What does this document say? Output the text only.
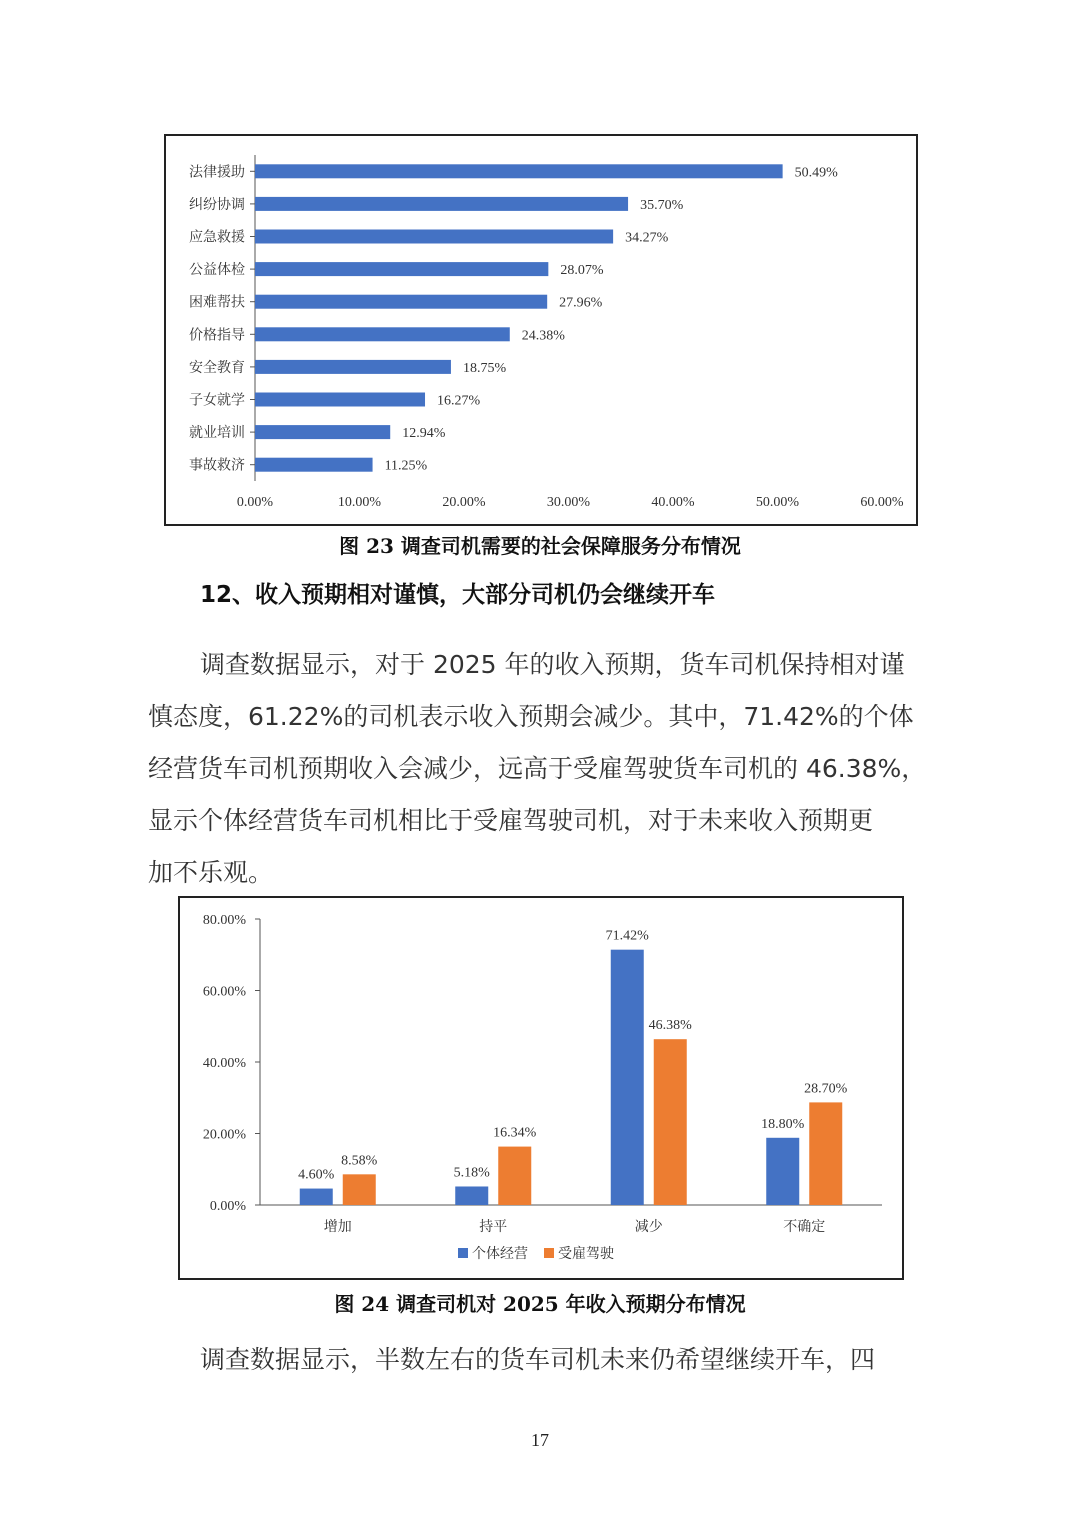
法律援助	50.49%
纠纷协调	35.70%
应急救援	34.27%
公益体检	28.07%
困难帮扶	27.96%
价格指导	24.38%
安全教育	18.75%
子女就学	16.27%
就业培训	12.94%
事故救济	11.25%
0.00%	10.00%	20.00%	30.00%	40.00%	50.00%	60.00%
图 23 调查司机需要的社会保障服务分布情况
12、收入预期相对谨慎，大部分司机仍会继续开车
调查数据显示，对于 2025 年的收入预期，货车司机保持相对谨
慎态度，61.22%的司机表示收入预期会减少。其中，71.42%的个体
经营货车司机预期收入会减少，远高于受雇驾驶货车司机的 46.38%，
显示个体经营货车司机相比于受雇驾驶司机，对于未来收入预期更
加不乐观。
0.00%
20.00%
40.00%
60.00%
80.00%
4.60%
8.58%
增加
5.18%
16.34%
持平
71.42%
46.38%
减少
18.80%
28.70%
不确定
个体经营 受雇驾驶
图 24 调查司机对 2025 年收入预期分布情况
调查数据显示，半数左右的货车司机未来仍希望继续开车，四
17
